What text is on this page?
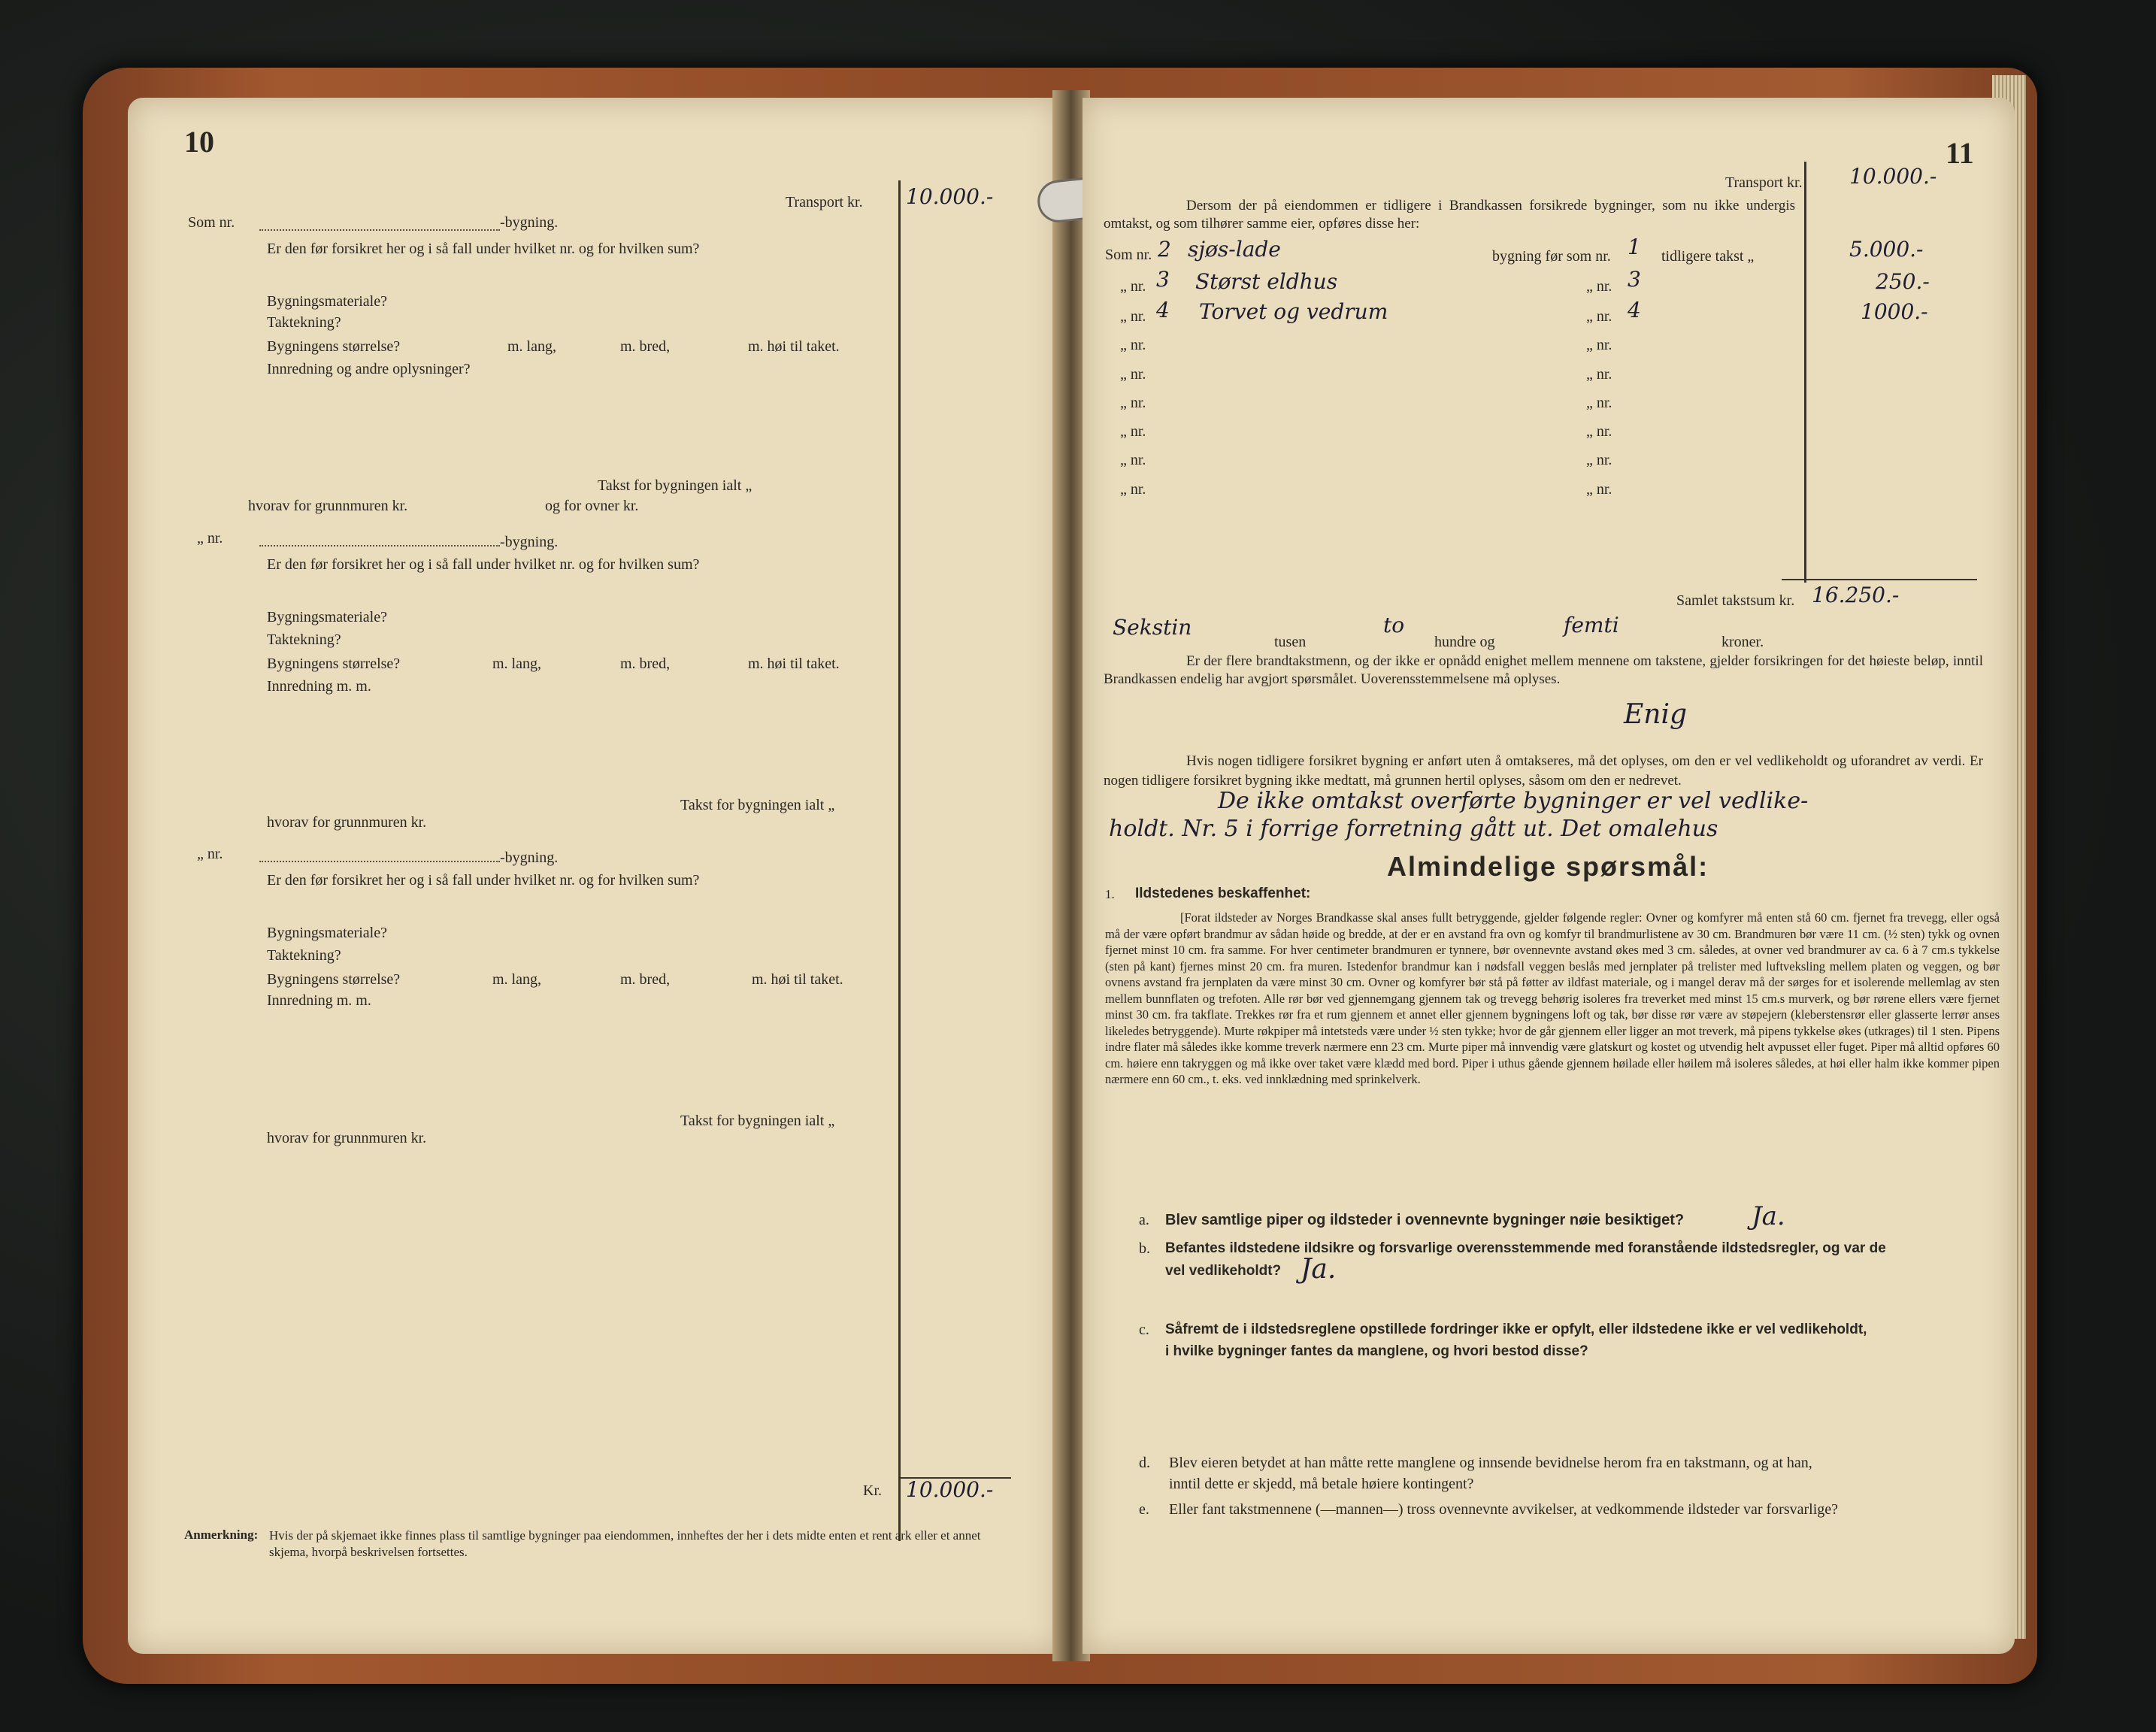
10
Transport kr. 10.000.-
Som nr.	-bygning.
Er den før forsikret her og i så fall under hvilket nr. og for hvilken sum?
Bygningsmateriale?
Taktekning?
Bygningens størrelse?	m. lang,	m. bred,	m. høi til taket.
Innredning og andre oplysninger?
Takst for bygningen ialt „
hvorav for grunnmuren kr.	og for ovner kr.
„ nr.	-bygning.
Er den før forsikret her og i så fall under hvilket nr. og for hvilken sum?
Bygningsmateriale?
Taktekning?
Bygningens størrelse?	m. lang,	m. bred,	m. høi til taket.
Innredning m. m.
Takst for bygningen ialt „
hvorav for grunnmuren kr.
„ nr.	-bygning.
Er den før forsikret her og i så fall under hvilket nr. og for hvilken sum?
Bygningsmateriale?
Taktekning?
Bygningens størrelse?	m. lang,	m. bred,	m. høi til taket.
Innredning m. m.
Takst for bygningen ialt „
hvorav for grunnmuren kr.
Kr. 10.000.-
Anmerkning: Hvis der på skjemaet ikke finnes plass til samtlige bygninger paa eiendommen, innheftes der her i dets midte enten et rent ark eller et annet skjema, hvorpå beskrivelsen fortsettes.
11
Transport kr. 10.000.-
Dersom der på eiendommen er tidligere i Brandkassen forsikrede bygninger, som nu ikke undergis omtakst, og som tilhører samme eier, opføres disse her:
Som nr. 2 sjøs-lade	bygning før som nr. 1 tidligere takst „	5.000.-
„ nr. 3 Størst eldhus	„ nr. 3	250.-
„ nr. 4 Torvet og vedrum	„ nr. 4	1000.-
„ nr.	„ nr.
„ nr.	„ nr.
„ nr.	„ nr.
„ nr.	„ nr.
„ nr.	„ nr.
„ nr.	„ nr.
Samlet takstsum kr. 16.250.-
Sekstin
tusen
to
hundre og
femti
kroner.
Er der flere brandtakstmenn, og der ikke er opnådd enighet mellem mennene om takstene, gjelder forsikringen for det høieste beløp, inntil Brandkassen endelig har avgjort spørsmålet. Uoverensstemmelsene må oplyses.
Enig
Hvis nogen tidligere forsikret bygning er anført uten å omtakseres, må det oplyses, om den er vel vedlikeholdt og uforandret av verdi. Er nogen tidligere forsikret bygning ikke medtatt, må grunnen hertil oplyses, såsom om den er nedrevet.
De ikke omtakst overførte bygninger er vel vedlike-
holdt. Nr. 5 i forrige forretning gått ut. Det omalehus
Almindelige spørsmål:
1. Ildstedenes beskaffenhet:
[Forat ildsteder av Norges Brandkasse skal anses fullt betryggende, gjelder følgende regler: Ovner og komfyrer må enten stå 60 cm. fjernet fra trevegg, eller også må der være opført brandmur av sådan høide og bredde, at der er en avstand fra ovn og komfyr til brandmurlistene av 30 cm. Brandmuren bør være 11 cm. (½ sten) tykk og ovnen fjernet minst 10 cm. fra samme. For hver centimeter brandmuren er tynnere, bør ovennevnte avstand økes med 3 cm. således, at ovner ved brandmurer av ca. 6 à 7 cm.s tykkelse (sten på kant) fjernes minst 20 cm. fra muren. Istedenfor brandmur kan i nødsfall veggen beslås med jernplater på trelister med luftveksling mellem platen og veggen, og bør ovnens avstand fra jernplaten da være minst 30 cm. Ovner og komfyrer bør stå på føtter av ildfast materiale, og i mangel derav må der sørges for et isolerende mellemlag av sten mellem bunnflaten og trefoten. Alle rør bør ved gjennemgang gjennem tak og trevegg behørig isoleres fra treverket med minst 15 cm.s murverk, og bør rørene ellers være fjernet minst 30 cm. fra takflate. Trekkes rør fra et rum gjennem et annet eller gjennem bygningens loft og tak, bør disse rør være av støpejern (kleberstensrør eller glasserte lerrør anses likeledes betryggende). Murte røkpiper må intetsteds være under ½ sten tykke; hvor de går gjennem eller ligger an mot treverk, må pipens tykkelse økes (utkrages) til 1 sten. Pipens indre flater må således ikke komme treverk nærmere enn 23 cm. Murte piper må innvendig være glatskurt og kostet og utvendig helt avpusset eller fuget. Piper må alltid opføres 60 cm. høiere enn takryggen og må ikke over taket være klædd med bord. Piper i uthus gående gjennem høilade eller høilem må isoleres således, at høi eller halm ikke kommer pipen nærmere enn 60 cm., t. eks. ved innklædning med sprinkelverk.
a. Blev samtlige piper og ildsteder i ovennevnte bygninger nøie besiktiget?	Ja.
b. Befantes ildstedene ildsikre og forsvarlige overensstemmende med foranstående ildstedsregler, og var de
vel vedlikeholdt? Ja.
c. Såfremt de i ildstedsreglene opstillede fordringer ikke er opfylt, eller ildstedene ikke er vel vedlikeholdt,
i hvilke bygninger fantes da manglene, og hvori bestod disse?
d. Blev eieren betydet at han måtte rette manglene og innsende bevidnelse herom fra en takstmann, og at han,
inntil dette er skjedd, må betale høiere kontingent?
e. Eller fant takstmennene (—mannen—) tross ovennevnte avvikelser, at vedkommende ildsteder var forsvarlige?
